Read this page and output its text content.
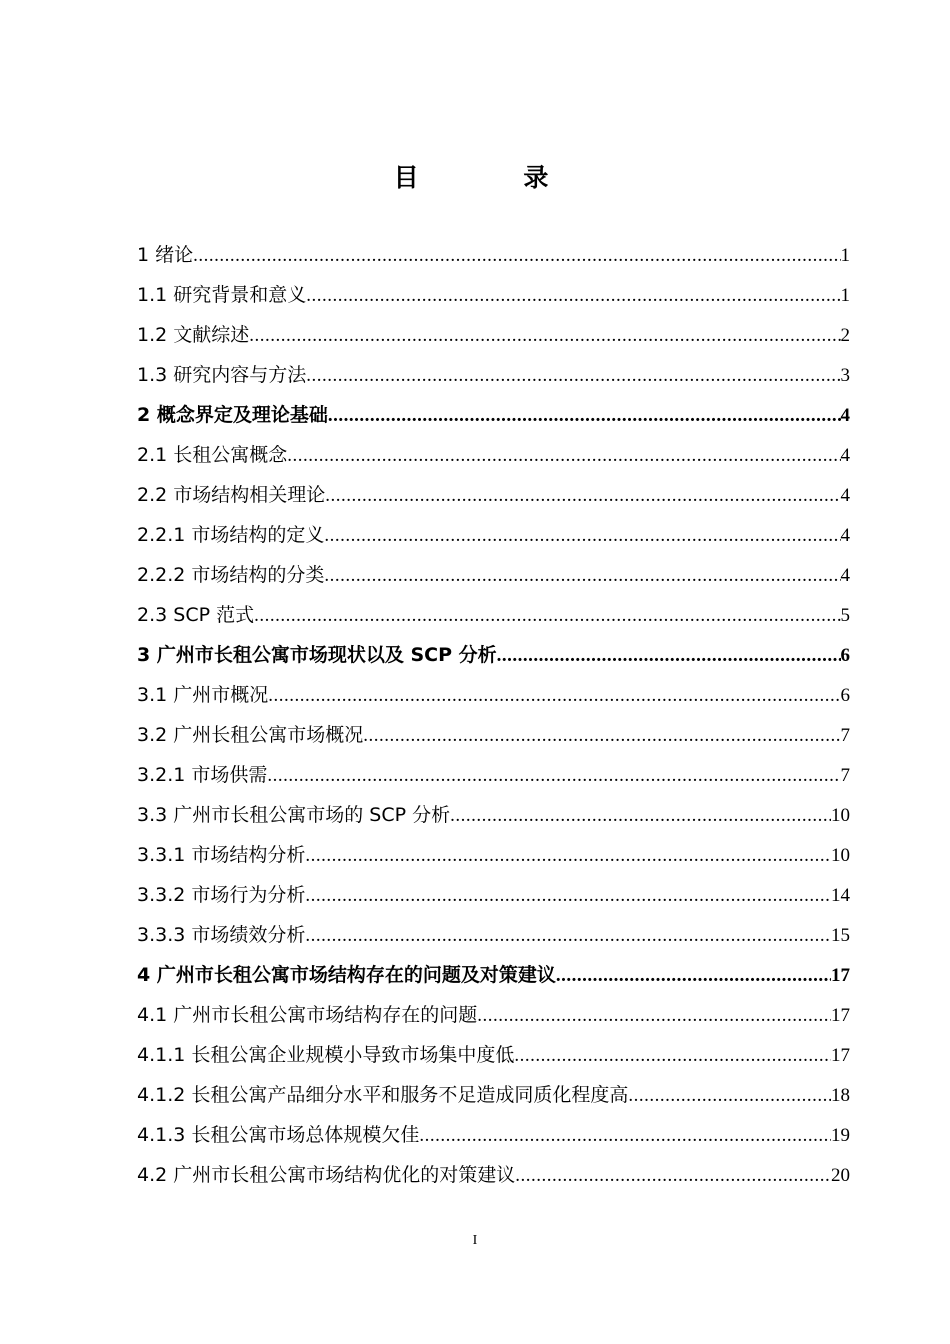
目 录
1 绪论 .....	1
1.1 研究背景和意义 .....	1
1.2 文献综述 .....	2
1.3 研究内容与方法 .....	3
2 概念界定及理论基础 .....	4
2.1 长租公寓概念 .....	4
2.2 市场结构相关理论 .....	4
2.2.1 市场结构的定义 .....	4
2.2.2 市场结构的分类 .....	4
2.3 SCP 范式 .....	5
3 广州市长租公寓市场现状以及 SCP 分析 .....	6
3.1 广州市概况 .....	6
3.2 广州长租公寓市场概况 .....	7
3.2.1 市场供需 .....	7
3.3 广州市长租公寓市场的 SCP 分析 .....	10
3.3.1 市场结构分析 .....	10
3.3.2 市场行为分析 .....	14
3.3.3 市场绩效分析 .....	15
4 广州市长租公寓市场结构存在的问题及对策建议 .....	17
4.1 广州市长租公寓市场结构存在的问题 .....	17
4.1.1 长租公寓企业规模小导致市场集中度低 .....	17
4.1.2 长租公寓产品细分水平和服务不足造成同质化程度高 .....	18
4.1.3 长租公寓市场总体规模欠佳 .....	19
4.2 广州市长租公寓市场结构优化的对策建议 .....	20
I
